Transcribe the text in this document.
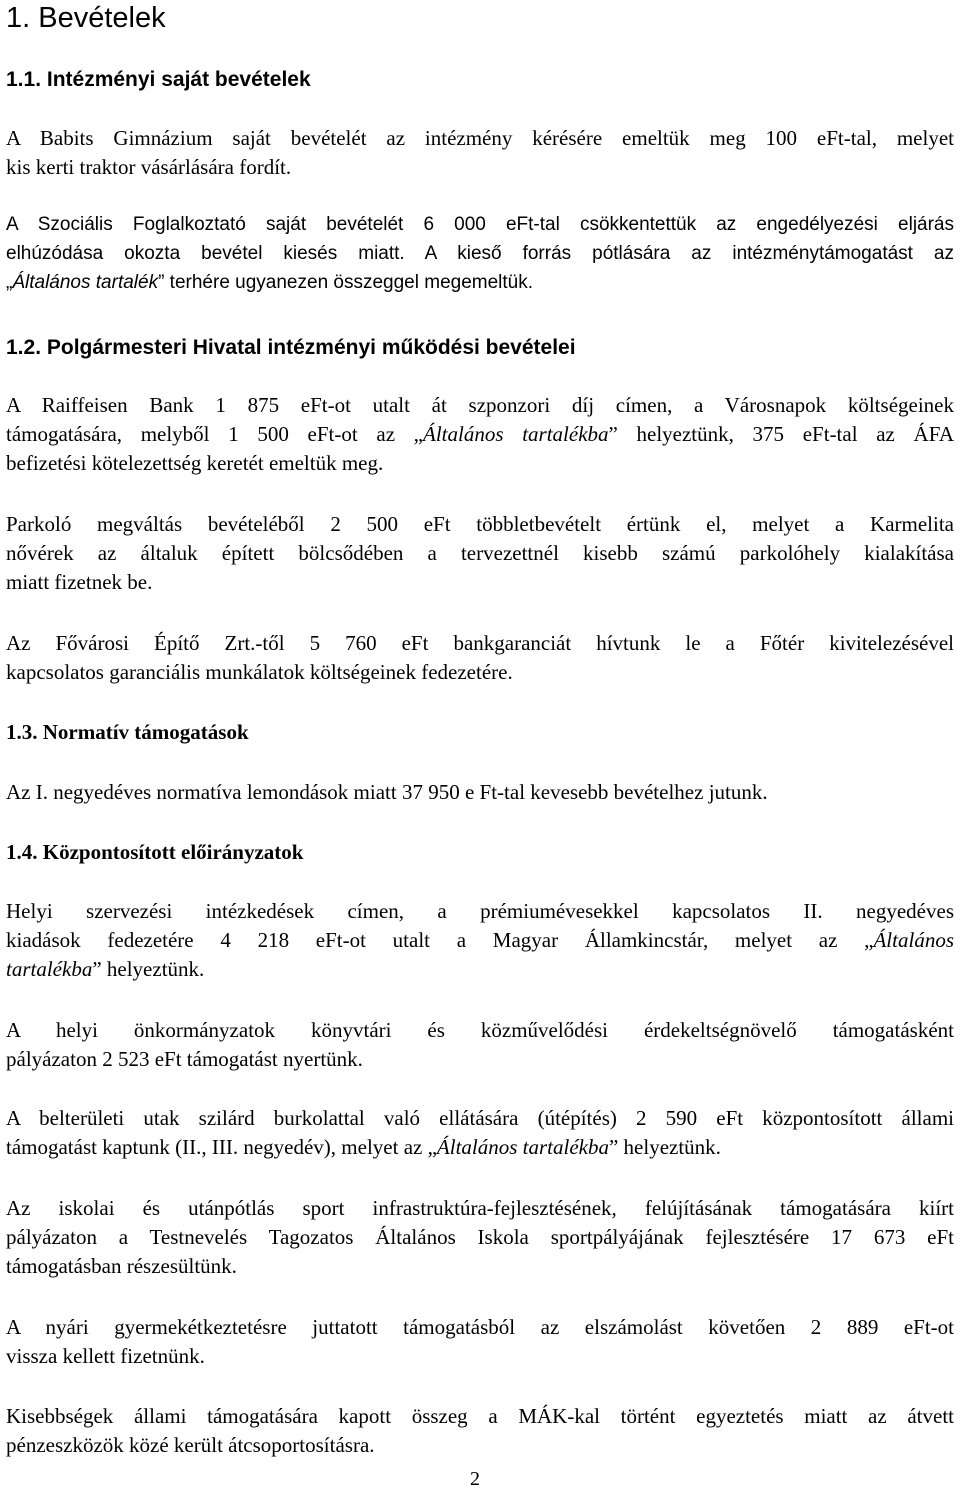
1. Bevételek
1.1. Intézményi saját bevételek
A Babits Gimnázium saját bevételét az intézmény kérésére emeltük meg 100 eFt-tal, melyet
kis kerti traktor vásárlására fordít.
A Szociális Foglalkoztató saját bevételét 6 000 eFt-tal csökkentettük az engedélyezési eljárás
elhúzódása okozta bevétel kiesés miatt. A kieső forrás pótlására az intézménytámogatást az
„Általános tartalék” terhére ugyanezen összeggel megemeltük.
1.2. Polgármesteri Hivatal intézményi működési bevételei
A Raiffeisen Bank 1 875 eFt-ot utalt át szponzori díj címen, a Városnapok költségeinek
támogatására, melyből 1 500 eFt-ot az „Általános tartalékba” helyeztünk, 375 eFt-tal az ÁFA
befizetési kötelezettség keretét emeltük meg.
Parkoló megváltás bevételéből 2 500 eFt többletbevételt értünk el, melyet a Karmelita
nővérek az általuk épített bölcsődében a tervezettnél kisebb számú parkolóhely kialakítása
miatt fizetnek be.
Az Fővárosi Építő Zrt.-től 5 760 eFt bankgaranciát hívtunk le a Főtér kivitelezésével
kapcsolatos garanciális munkálatok költségeinek fedezetére.
1.3. Normatív támogatások
Az I. negyedéves normatíva lemondások miatt 37 950 e Ft-tal kevesebb bevételhez jutunk.
1.4. Központosított előirányzatok
Helyi szervezési intézkedések címen, a prémiumévesekkel kapcsolatos II. negyedéves
kiadások fedezetére 4 218 eFt-ot utalt a Magyar Államkincstár, melyet az „Általános
tartalékba” helyeztünk.
A helyi önkormányzatok könyvtári és közművelődési érdekeltségnövelő támogatásként
pályázaton 2 523 eFt támogatást nyertünk.
A belterületi utak szilárd burkolattal való ellátására (útépítés) 2 590 eFt központosított állami
támogatást kaptunk (II., III. negyedév), melyet az „Általános tartalékba” helyeztünk.
Az iskolai és utánpótlás sport infrastruktúra-fejlesztésének, felújításának támogatására kiírt
pályázaton a Testnevelés Tagozatos Általános Iskola sportpályájának fejlesztésére 17 673 eFt
támogatásban részesültünk.
A nyári gyermekétkeztetésre juttatott támogatásból az elszámolást követően 2 889 eFt-ot
vissza kellett fizetnünk.
Kisebbségek állami támogatására kapott összeg a MÁK-kal történt egyeztetés miatt az átvett
pénzeszközök közé került átcsoportosításra.
2
